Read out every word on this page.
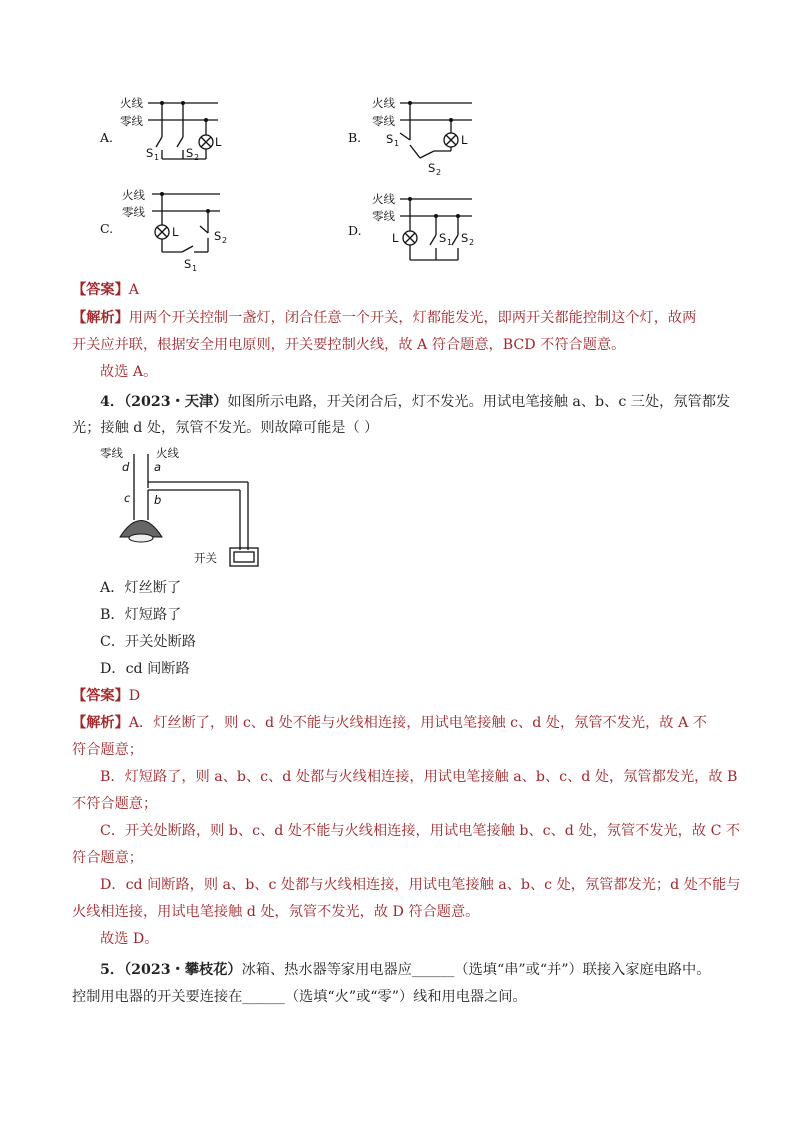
A.
火线
零线
L
S 1 S 2
B.
火线
零线
L
S 1
S 2
C.
火线
零线
L	S 2
S 1
D.
火线
零线
L	S 1 S 2
【答案】A
【解析】用两个开关控制一盏灯，闭合任意一个开关，灯都能发光，即两开关都能控制这个灯，故两
开关应并联，根据安全用电原则，开关要控制火线，故 A 符合题意，BCD 不符合题意。
故选 A。
4．（2023・天津）如图所示电路，开关闭合后，灯不发光。用试电笔接触 a、b、c 三处，氖管都发
光；接触 d 处，氖管不发光。则故障可能是（ ）
零线	火线
d a
c b
开关
A．灯丝断了
B．灯短路了
C．开关处断路
D．cd 间断路
【答案】D
【解析】A．灯丝断了，则 c、d 处不能与火线相连接，用试电笔接触 c、d 处，氖管不发光，故 A 不
符合题意；
B．灯短路了，则 a、b、c、d 处都与火线相连接，用试电笔接触 a、b、c、d 处，氖管都发光，故 B
不符合题意；
C．开关处断路，则 b、c、d 处不能与火线相连接，用试电笔接触 b、c、d 处，氖管不发光，故 C 不
符合题意；
D．cd 间断路，则 a、b、c 处都与火线相连接，用试电笔接触 a、b、c 处，氖管都发光；d 处不能与
火线相连接，用试电笔接触 d 处，氖管不发光，故 D 符合题意。
故选 D。
5．（2023・攀枝花）冰箱、热水器等家用电器应______（选填“串”或“并”）联接入家庭电路中。
控制用电器的开关要连接在______（选填“火”或“零”）线和用电器之间。
